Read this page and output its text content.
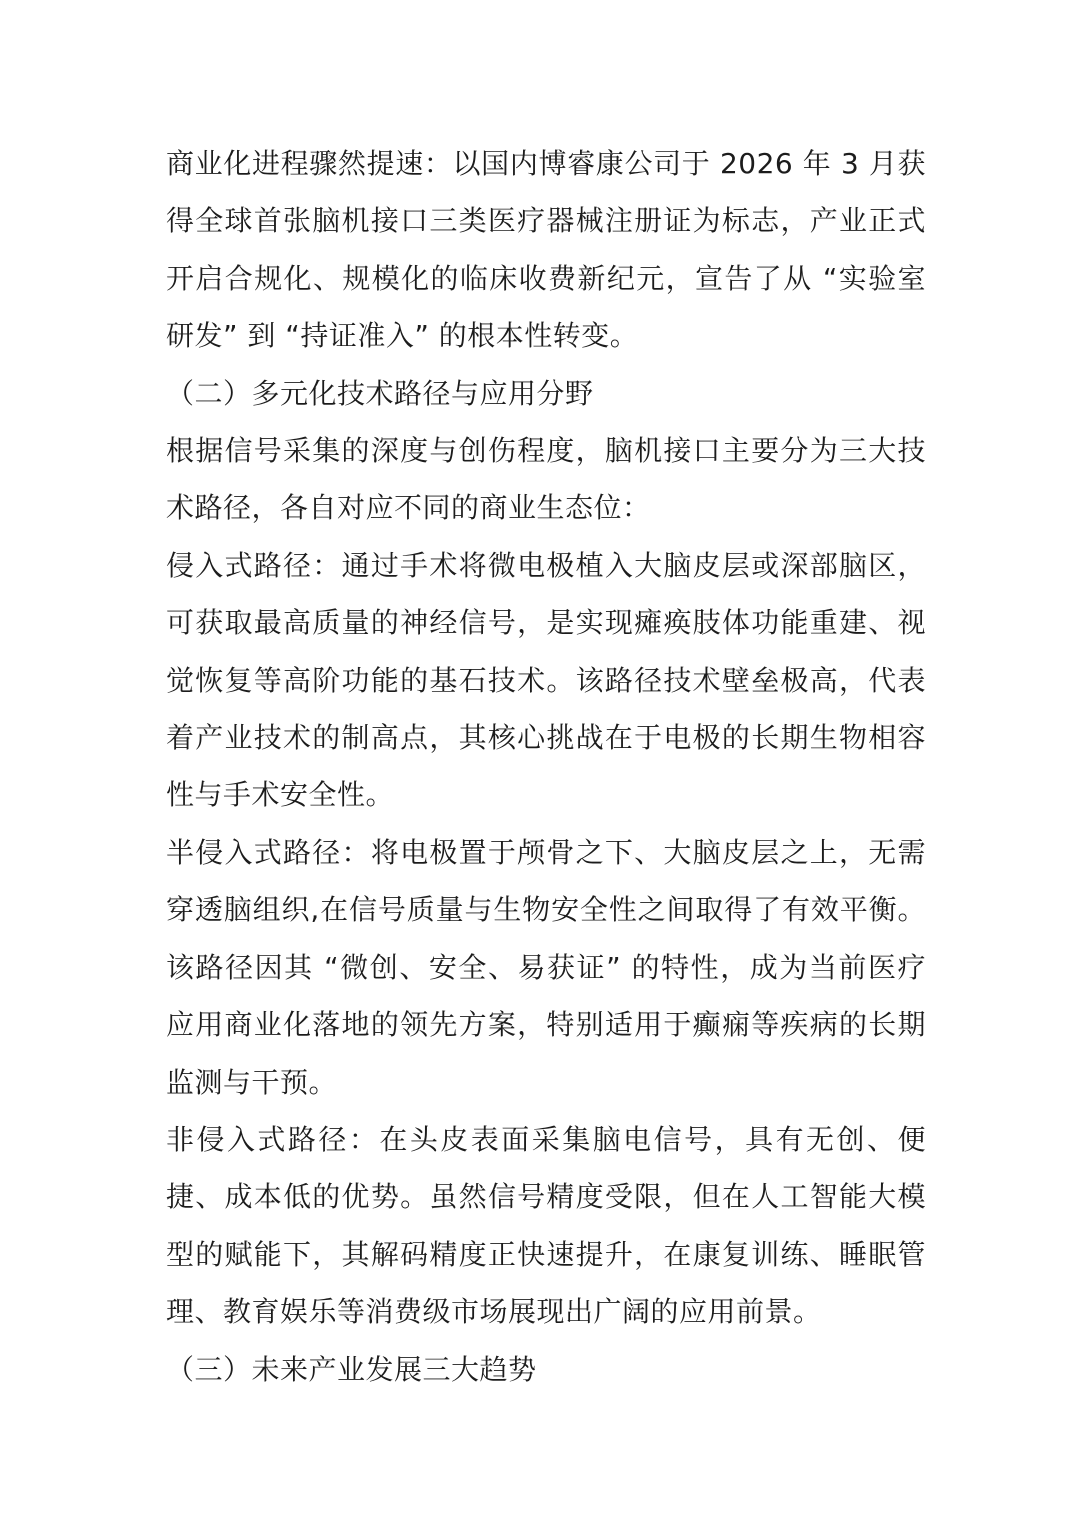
商业化进程骤然提速：以国内博睿康公司于 2026 年 3 月获得全球首张脑机接口三类医疗器械注册证为标志，产业正式开启合规化、规模化的临床收费新纪元，宣告了从 “实验室研发” 到 “持证准入” 的根本性转变。

（二）多元化技术路径与应用分野

根据信号采集的深度与创伤程度，脑机接口主要分为三大技术路径，各自对应不同的商业生态位：

侵入式路径：通过手术将微电极植入大脑皮层或深部脑区，可获取最高质量的神经信号，是实现瘫痪肢体功能重建、视觉恢复等高阶功能的基石技术。该路径技术壁垒极高，代表着产业技术的制高点，其核心挑战在于电极的长期生物相容性与手术安全性。

半侵入式路径：将电极置于颅骨之下、大脑皮层之上，无需穿透脑组织,在信号质量与生物安全性之间取得了有效平衡。该路径因其 “微创、安全、易获证” 的特性，成为当前医疗应用商业化落地的领先方案，特别适用于癫痫等疾病的长期监测与干预。

非侵入式路径：在头皮表面采集脑电信号，具有无创、便捷、成本低的优势。虽然信号精度受限，但在人工智能大模型的赋能下，其解码精度正快速提升，在康复训练、睡眠管理、教育娱乐等消费级市场展现出广阔的应用前景。

（三）未来产业发展三大趋势
